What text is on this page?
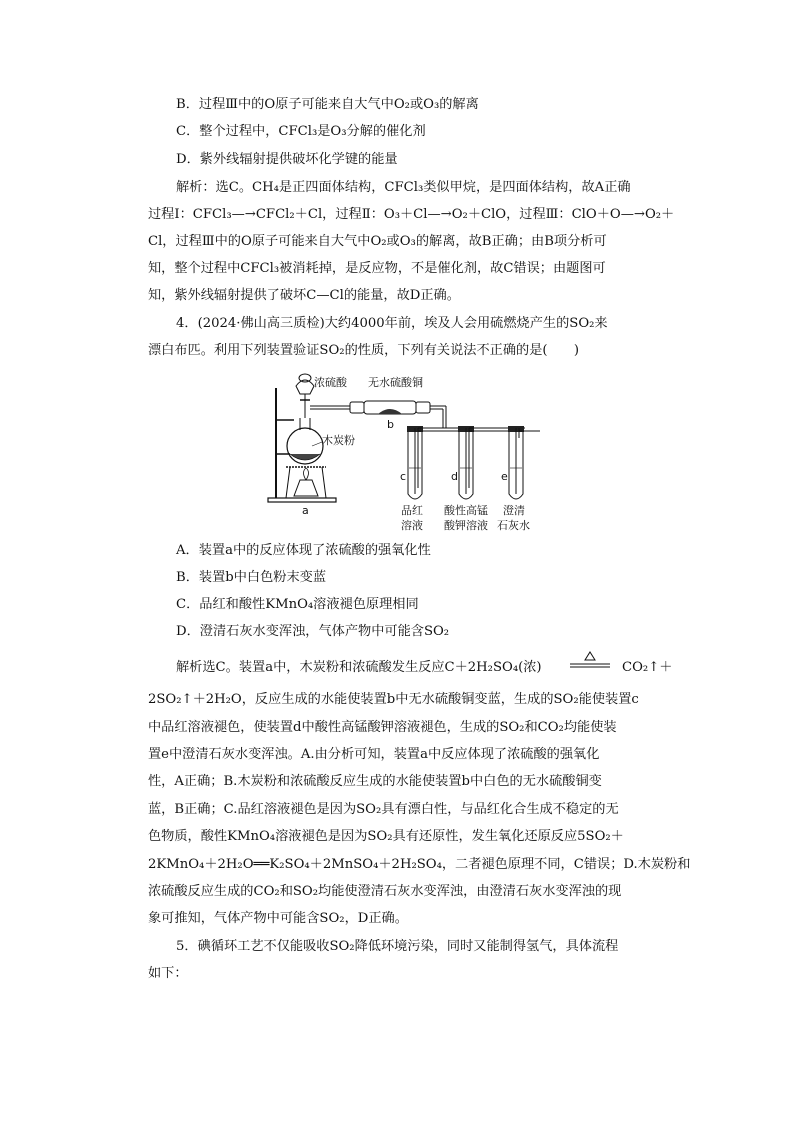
B．过程Ⅲ中的O原子可能来自大气中O₂或O₃的解离
C．整个过程中，CFCl₃是O₃分解的催化剂
D．紫外线辐射提供破坏化学键的能量
解析：选C。CH₄是正四面体结构，CFCl₃类似甲烷，是四面体结构，故A正确
过程Ⅰ：CFCl₃—→CFCl₂＋Cl，过程Ⅱ：O₃＋Cl—→O₂＋ClO，过程Ⅲ：ClO＋O—→O₂＋
Cl，过程Ⅲ中的O原子可能来自大气中O₂或O₃的解离，故B正确；由B项分析可
知，整个过程中CFCl₃被消耗掉，是反应物，不是催化剂，故C错误；由题图可
知，紫外线辐射提供了破坏C—Cl的能量，故D正确。
4．(2024·佛山高三质检)大约4000年前，埃及人会用硫燃烧产生的SO₂来
漂白布匹。利用下列装置验证SO₂的性质，下列有关说法不正确的是(　　)
浓硫酸 无水硫酸铜
b
木炭粉
a
c	d	e
品红
溶液
酸性高锰
酸钾溶液
澄清
石灰水
A．装置a中的反应体现了浓硫酸的强氧化性
B．装置b中白色粉末变蓝
C．品红和酸性KMnO₄溶液褪色原理相同
D．澄清石灰水变浑浊，气体产物中可能含SO₂
解析选C。装置a中，木炭粉和浓硫酸发生反应C＋2H₂SO₄(浓)	CO₂↑＋
2SO₂↑＋2H₂O，反应生成的水能使装置b中无水硫酸铜变蓝，生成的SO₂能使装置c
中品红溶液褪色，使装置d中酸性高锰酸钾溶液褪色，生成的SO₂和CO₂均能使装
置e中澄清石灰水变浑浊。A.由分析可知，装置a中反应体现了浓硫酸的强氧化
性，A正确；B.木炭粉和浓硫酸反应生成的水能使装置b中白色的无水硫酸铜变
蓝，B正确；C.品红溶液褪色是因为SO₂具有漂白性，与品红化合生成不稳定的无
色物质，酸性KMnO₄溶液褪色是因为SO₂具有还原性，发生氧化还原反应5SO₂＋
2KMnO₄＋2H₂O══K₂SO₄＋2MnSO₄＋2H₂SO₄，二者褪色原理不同，C错误；D.木炭粉和
浓硫酸反应生成的CO₂和SO₂均能使澄清石灰水变浑浊，由澄清石灰水变浑浊的现
象可推知，气体产物中可能含SO₂，D正确。
5．碘循环工艺不仅能吸收SO₂降低环境污染，同时又能制得氢气，具体流程
如下：
